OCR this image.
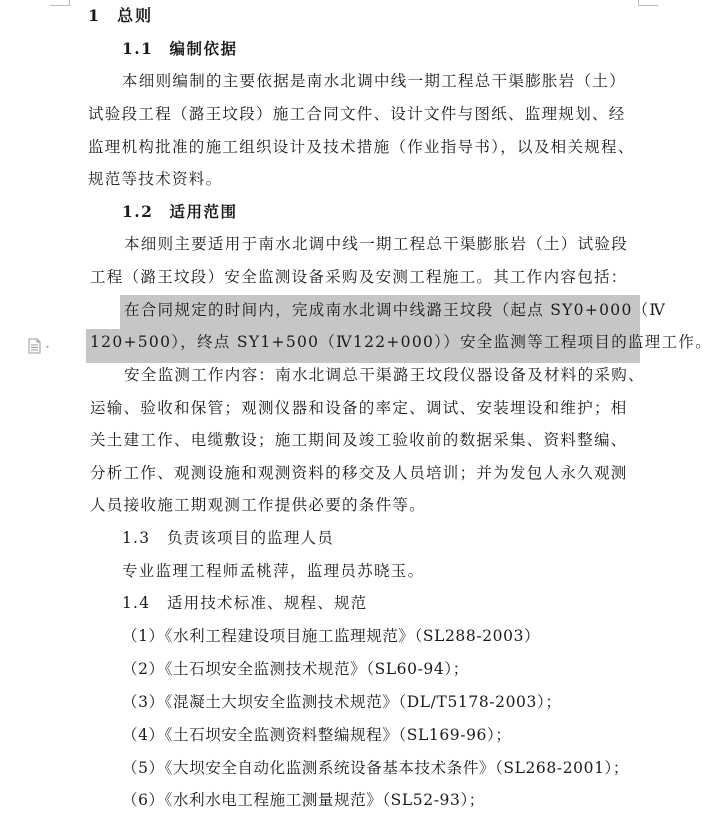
1 总则
1.1 编制依据
本细则编制的主要依据是南水北调中线一期工程总干渠膨胀岩（土）
试验段工程（潞王坟段）施工合同文件、设计文件与图纸、监理规划、经
监理机构批准的施工组织设计及技术措施（作业指导书），以及相关规程、
规范等技术资料。
1.2 适用范围
本细则主要适用于南水北调中线一期工程总干渠膨胀岩（土）试验段
工程（潞王坟段）安全监测设备采购及安测工程施工。其工作内容包括：
在合同规定的时间内，完成南水北调中线潞王坟段（起点 SY0+000（Ⅳ
120+500），终点 SY1+500（Ⅳ122+000））安全监测等工程项目的监理工作。
安全监测工作内容：南水北调总干渠潞王坟段仪器设备及材料的采购、
运输、验收和保管；观测仪器和设备的率定、调试、安装埋设和维护；相
关土建工作、电缆敷设；施工期间及竣工验收前的数据采集、资料整编、
分析工作、观测设施和观测资料的移交及人员培训；并为发包人永久观测
人员接收施工期观测工作提供必要的条件等。
1.3　负责该项目的监理人员
专业监理工程师孟桃萍，监理员苏晓玉。
1.4　适用技术标准、规程、规范
（1）《水利工程建设项目施工监理规范》（SL288-2003）
（2）《土石坝安全监测技术规范》（SL60-94）；
（3）《混凝土大坝安全监测技术规范》（DL/T5178-2003）；
（4）《土石坝安全监测资料整编规程》（SL169-96）；
（5）《大坝安全自动化监测系统设备基本技术条件》（SL268-2001）；
（6）《水利水电工程施工测量规范》（SL52-93）；
